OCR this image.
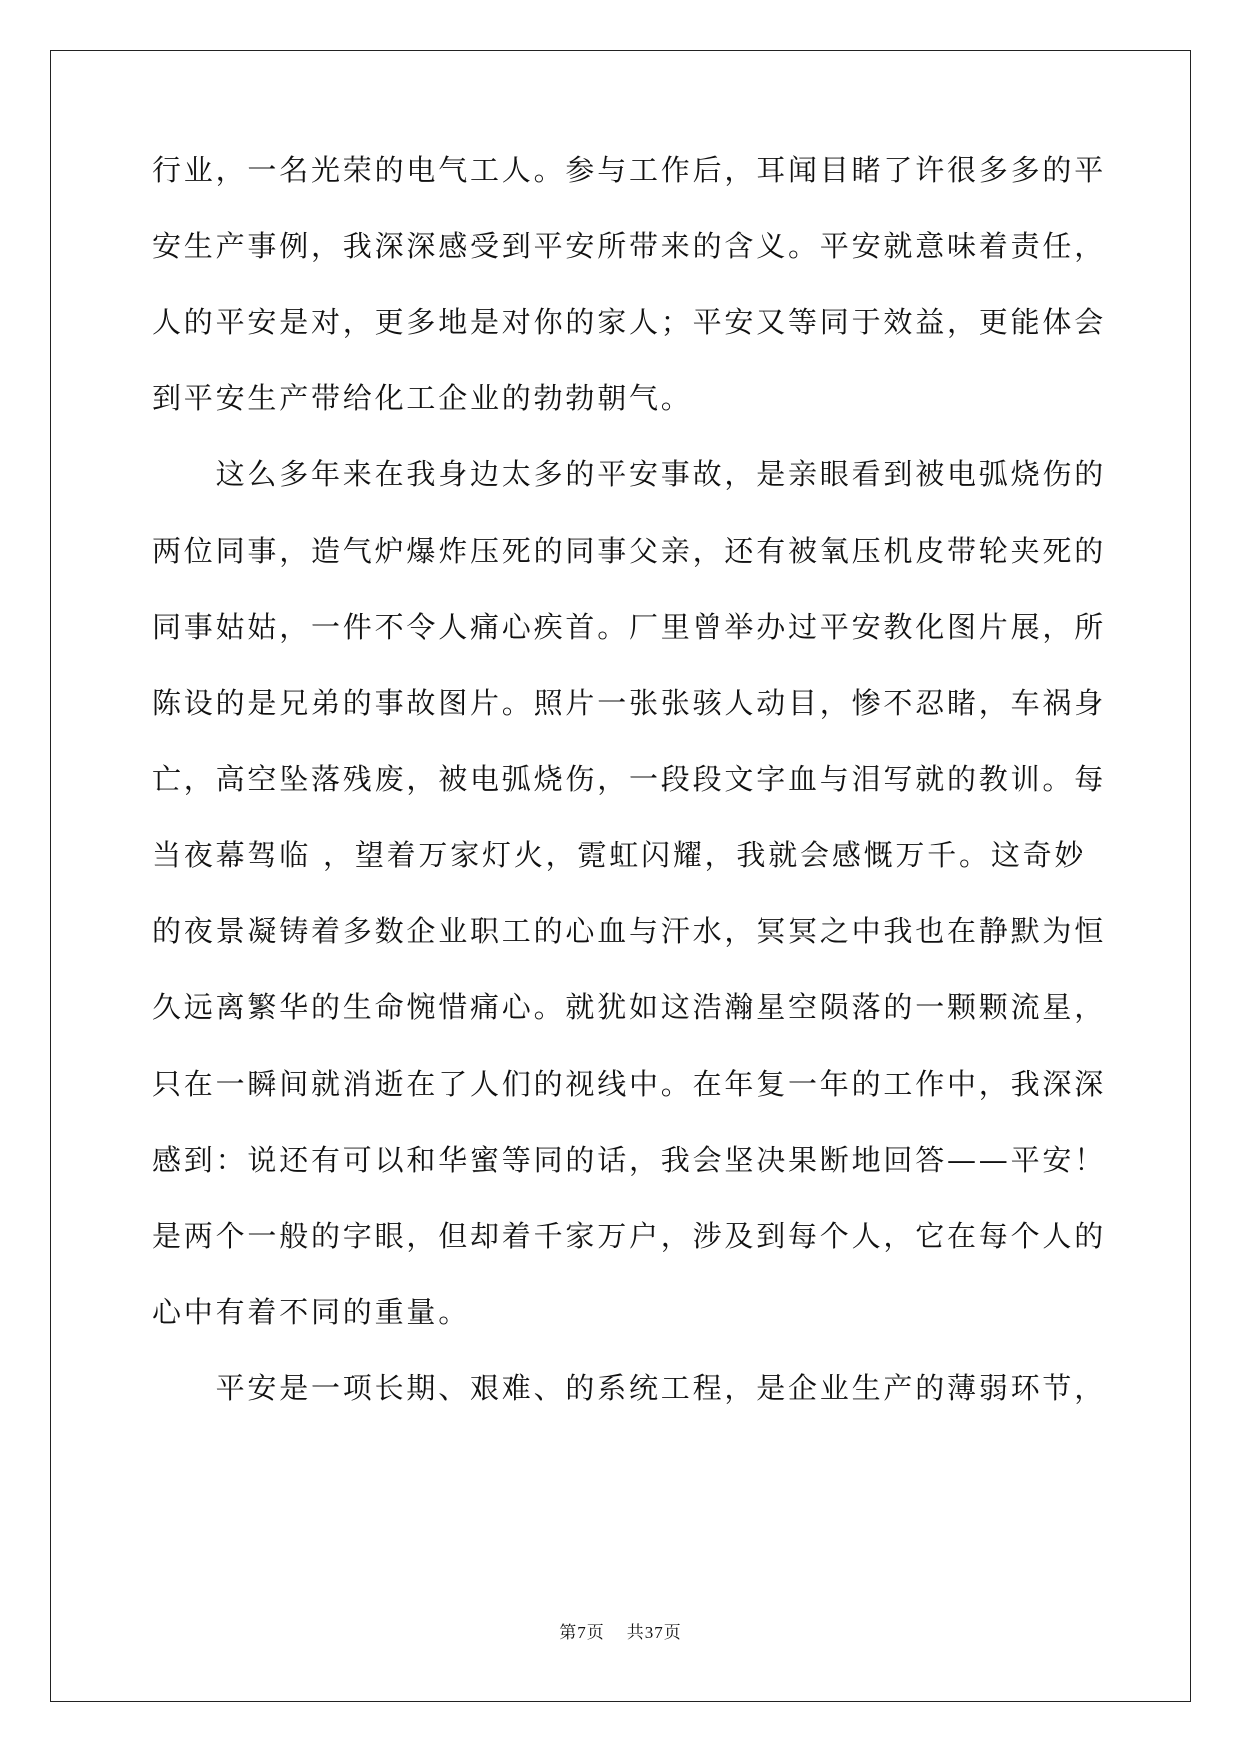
行业，一名光荣的电气工人。参与工作后，耳闻目睹了许很多多的平
安生产事例，我深深感受到平安所带来的含义。平安就意味着责任，
人的平安是对，更多地是对你的家人；平安又等同于效益，更能体会
到平安生产带给化工企业的勃勃朝气。
　　这么多年来在我身边太多的平安事故，是亲眼看到被电弧烧伤的
两位同事，造气炉爆炸压死的同事父亲，还有被氧压机皮带轮夹死的
同事姑姑，一件不令人痛心疾首。厂里曾举办过平安教化图片展，所
陈设的是兄弟的事故图片。照片一张张骇人动目，惨不忍睹，车祸身
亡，高空坠落残废，被电弧烧伤，一段段文字血与泪写就的教训。每
当夜幕驾临 ，望着万家灯火，霓虹闪耀，我就会感慨万千。这奇妙
的夜景凝铸着多数企业职工的心血与汗水，冥冥之中我也在静默为恒
久远离繁华的生命惋惜痛心。就犹如这浩瀚星空陨落的一颗颗流星，
只在一瞬间就消逝在了人们的视线中。在年复一年的工作中，我深深
感到：说还有可以和华蜜等同的话，我会坚决果断地回答——平安！
是两个一般的字眼，但却着千家万户，涉及到每个人，它在每个人的
心中有着不同的重量。
　　平安是一项长期、艰难、的系统工程，是企业生产的薄弱环节，
第7页 共37页
